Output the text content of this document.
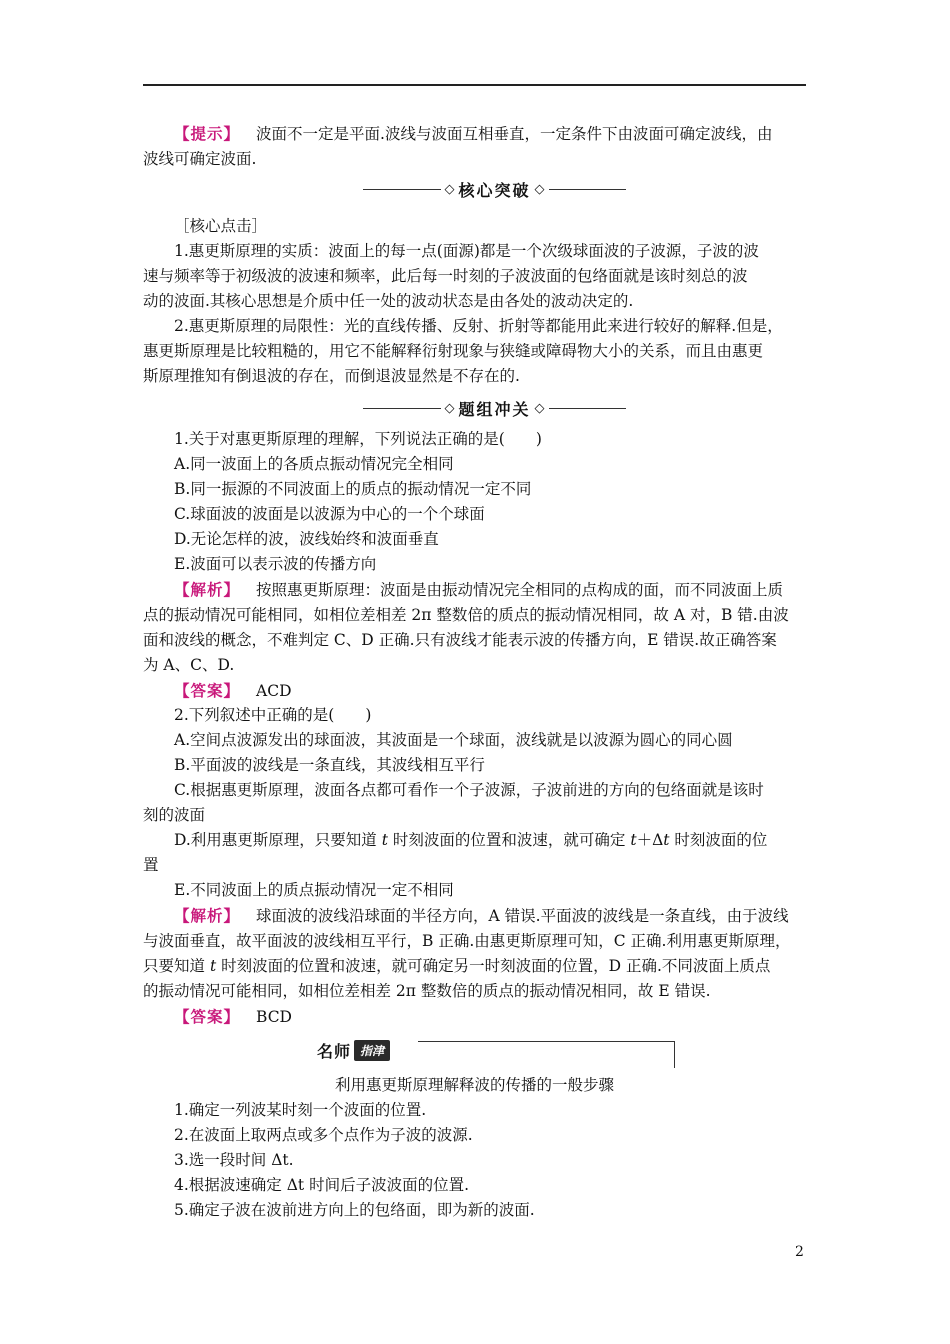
【提示】 波面不一定是平面.波线与波面互相垂直，一定条件下由波面可确定波线，由

波线可确定波面.

◇ 核心突破 ◇

［核心点击］

1.惠更斯原理的实质：波面上的每一点(面源)都是一个次级球面波的子波源，子波的波

速与频率等于初级波的波速和频率，此后每一时刻的子波波面的包络面就是该时刻总的波

动的波面.其核心思想是介质中任一处的波动状态是由各处的波动决定的.

2.惠更斯原理的局限性：光的直线传播、反射、折射等都能用此来进行较好的解释.但是，

惠更斯原理是比较粗糙的，用它不能解释衍射现象与狭缝或障碍物大小的关系，而且由惠更

斯原理推知有倒退波的存在，而倒退波显然是不存在的.

◇ 题组冲关 ◇

1.关于对惠更斯原理的理解，下列说法正确的是(　　)

A.同一波面上的各质点振动情况完全相同

B.同一振源的不同波面上的质点的振动情况一定不同

C.球面波的波面是以波源为中心的一个个球面

D.无论怎样的波，波线始终和波面垂直

E.波面可以表示波的传播方向

【解析】 按照惠更斯原理：波面是由振动情况完全相同的点构成的面，而不同波面上质

点的振动情况可能相同，如相位差相差 2π 整数倍的质点的振动情况相同，故 A 对，B 错.由波

面和波线的概念，不难判定 C、D 正确.只有波线才能表示波的传播方向，E 错误.故正确答案

为 A、C、D.

【答案】 ACD

2.下列叙述中正确的是(　　)

A.空间点波源发出的球面波，其波面是一个球面，波线就是以波源为圆心的同心圆

B.平面波的波线是一条直线，其波线相互平行

C.根据惠更斯原理，波面各点都可看作一个子波源，子波前进的方向的包络面就是该时

刻的波面

D.利用惠更斯原理，只要知道 t 时刻波面的位置和波速，就可确定 t＋Δt 时刻波面的位

置

E.不同波面上的质点振动情况一定不相同

【解析】 球面波的波线沿球面的半径方向，A 错误.平面波的波线是一条直线，由于波线

与波面垂直，故平面波的波线相互平行，B 正确.由惠更斯原理可知，C 正确.利用惠更斯原理，

只要知道 t 时刻波面的位置和波速，就可确定另一时刻波面的位置，D 正确.不同波面上质点

的振动情况可能相同，如相位差相差 2π 整数倍的质点的振动情况相同，故 E 错误.

【答案】 BCD

名师 指津
利用惠更斯原理解释波的传播的一般步骤

1.确定一列波某时刻一个波面的位置.

2.在波面上取两点或多个点作为子波的波源.

3.选一段时间 Δt.

4.根据波速确定 Δt 时间后子波波面的位置.

5.确定子波在波前进方向上的包络面，即为新的波面.

2
